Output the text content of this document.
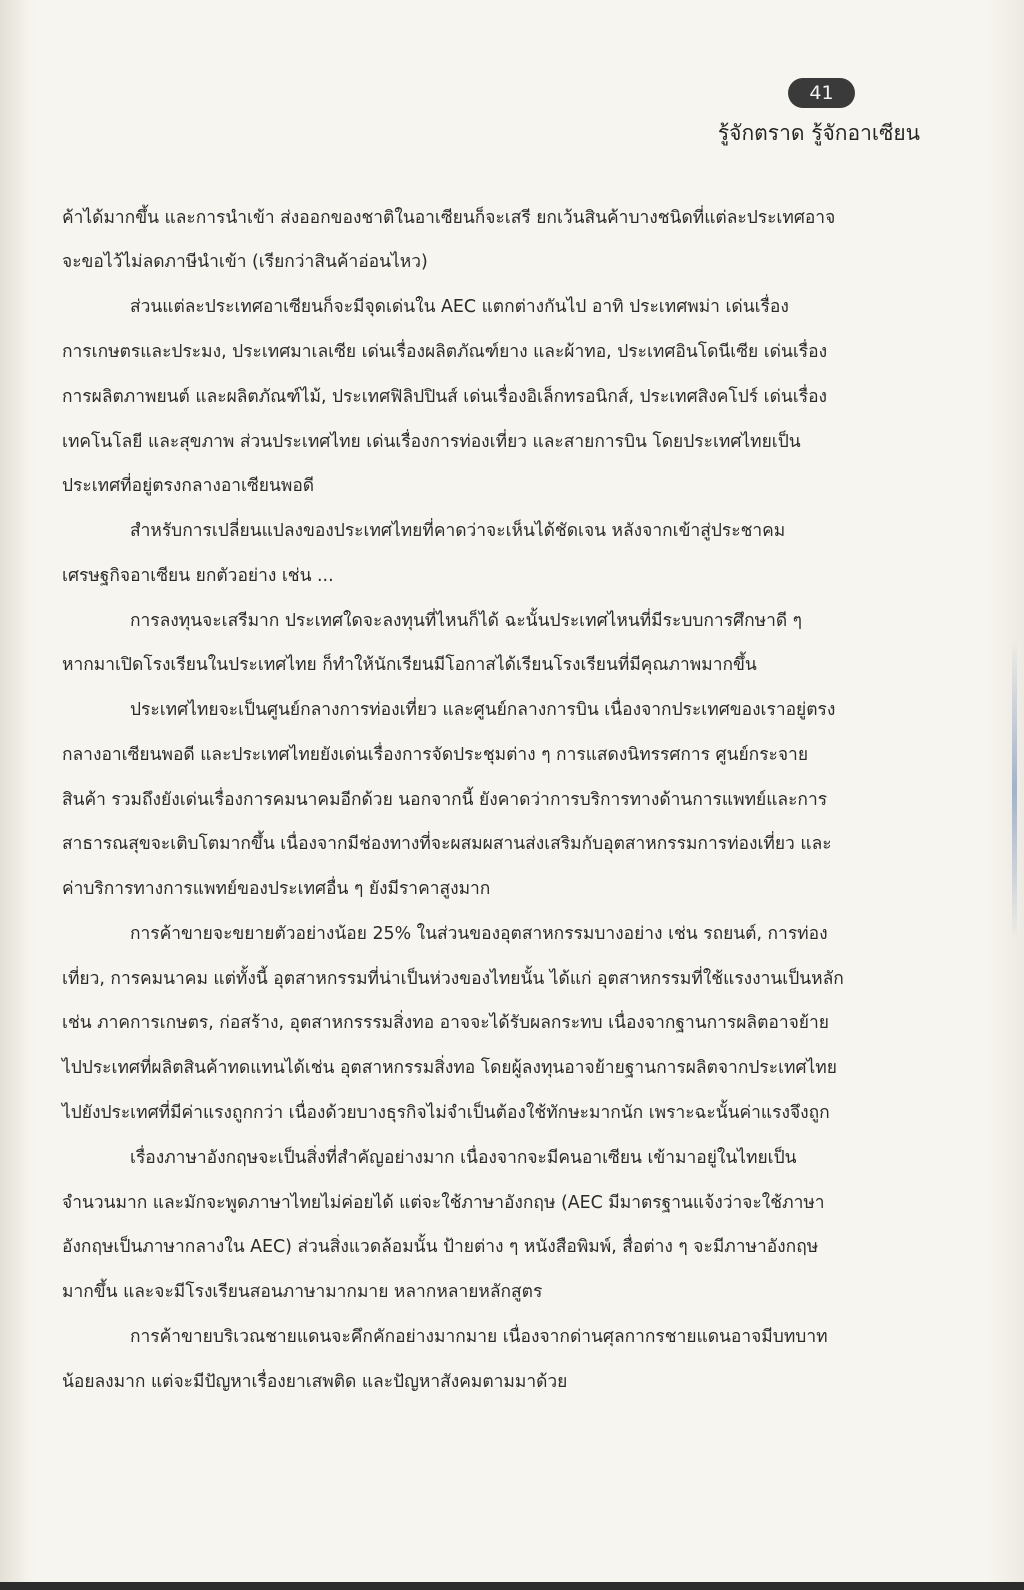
41
รู้จักตราด รู้จักอาเซียน
ค้าได้มากขึ้น และการนำเข้า ส่งออกของชาติในอาเซียนก็จะเสรี ยกเว้นสินค้าบางชนิดที่แต่ละประเทศอาจ
จะขอไว้ไม่ลดภาษีนำเข้า (เรียกว่าสินค้าอ่อนไหว)
ส่วนแต่ละประเทศอาเซียนก็จะมีจุดเด่นใน AEC แตกต่างกันไป อาทิ ประเทศพม่า เด่นเรื่อง
การเกษตรและประมง, ประเทศมาเลเซีย เด่นเรื่องผลิตภัณฑ์ยาง และผ้าทอ, ประเทศอินโดนีเซีย เด่นเรื่อง
การผลิตภาพยนต์ และผลิตภัณฑ์ไม้, ประเทศฟิลิปปินส์ เด่นเรื่องอิเล็กทรอนิกส์, ประเทศสิงคโปร์ เด่นเรื่อง
เทคโนโลยี และสุขภาพ ส่วนประเทศไทย เด่นเรื่องการท่องเที่ยว และสายการบิน โดยประเทศไทยเป็น
ประเทศที่อยู่ตรงกลางอาเซียนพอดี
สำหรับการเปลี่ยนแปลงของประเทศไทยที่คาดว่าจะเห็นได้ชัดเจน หลังจากเข้าสู่ประชาคม
เศรษฐกิจอาเซียน ยกตัวอย่าง เช่น ...
การลงทุนจะเสรีมาก ประเทศใดจะลงทุนที่ไหนก็ได้ ฉะนั้นประเทศไหนที่มีระบบการศึกษาดี ๆ
หากมาเปิดโรงเรียนในประเทศไทย ก็ทำให้นักเรียนมีโอกาสได้เรียนโรงเรียนที่มีคุณภาพมากขึ้น
ประเทศไทยจะเป็นศูนย์กลางการท่องเที่ยว และศูนย์กลางการบิน เนื่องจากประเทศของเราอยู่ตรง
กลางอาเซียนพอดี และประเทศไทยยังเด่นเรื่องการจัดประชุมต่าง ๆ การแสดงนิทรรศการ ศูนย์กระจาย
สินค้า รวมถึงยังเด่นเรื่องการคมนาคมอีกด้วย นอกจากนี้ ยังคาดว่าการบริการทางด้านการแพทย์และการ
สาธารณสุขจะเติบโตมากขึ้น เนื่องจากมีช่องทางที่จะผสมผสานส่งเสริมกับอุตสาหกรรมการท่องเที่ยว และ
ค่าบริการทางการแพทย์ของประเทศอื่น ๆ ยังมีราคาสูงมาก
การค้าขายจะขยายตัวอย่างน้อย 25% ในส่วนของอุตสาหกรรมบางอย่าง เช่น รถยนต์, การท่อง
เที่ยว, การคมนาคม แต่ทั้งนี้ อุตสาหกรรมที่น่าเป็นห่วงของไทยนั้น ได้แก่ อุตสาหกรรมที่ใช้แรงงานเป็นหลัก
เช่น ภาคการเกษตร, ก่อสร้าง, อุตสาหกรรรมสิ่งทอ อาจจะได้รับผลกระทบ เนื่องจากฐานการผลิตอาจย้าย
ไปประเทศที่ผลิตสินค้าทดแทนได้เช่น อุตสาหกรรมสิ่งทอ โดยผู้ลงทุนอาจย้ายฐานการผลิตจากประเทศไทย
ไปยังประเทศที่มีค่าแรงถูกกว่า เนื่องด้วยบางธุรกิจไม่จำเป็นต้องใช้ทักษะมากนัก เพราะฉะนั้นค่าแรงจึงถูก
เรื่องภาษาอังกฤษจะเป็นสิ่งที่สำคัญอย่างมาก เนื่องจากจะมีคนอาเซียน เข้ามาอยู่ในไทยเป็น
จำนวนมาก และมักจะพูดภาษาไทยไม่ค่อยได้ แต่จะใช้ภาษาอังกฤษ (AEC มีมาตรฐานแจ้งว่าจะใช้ภาษา
อังกฤษเป็นภาษากลางใน AEC) ส่วนสิ่งแวดล้อมนั้น ป้ายต่าง ๆ หนังสือพิมพ์, สื่อต่าง ๆ จะมีภาษาอังกฤษ
มากขึ้น และจะมีโรงเรียนสอนภาษามากมาย หลากหลายหลักสูตร
การค้าขายบริเวณชายแดนจะคึกคักอย่างมากมาย เนื่องจากด่านศุลกากรชายแดนอาจมีบทบาท
น้อยลงมาก แต่จะมีปัญหาเรื่องยาเสพติด และปัญหาสังคมตามมาด้วย
